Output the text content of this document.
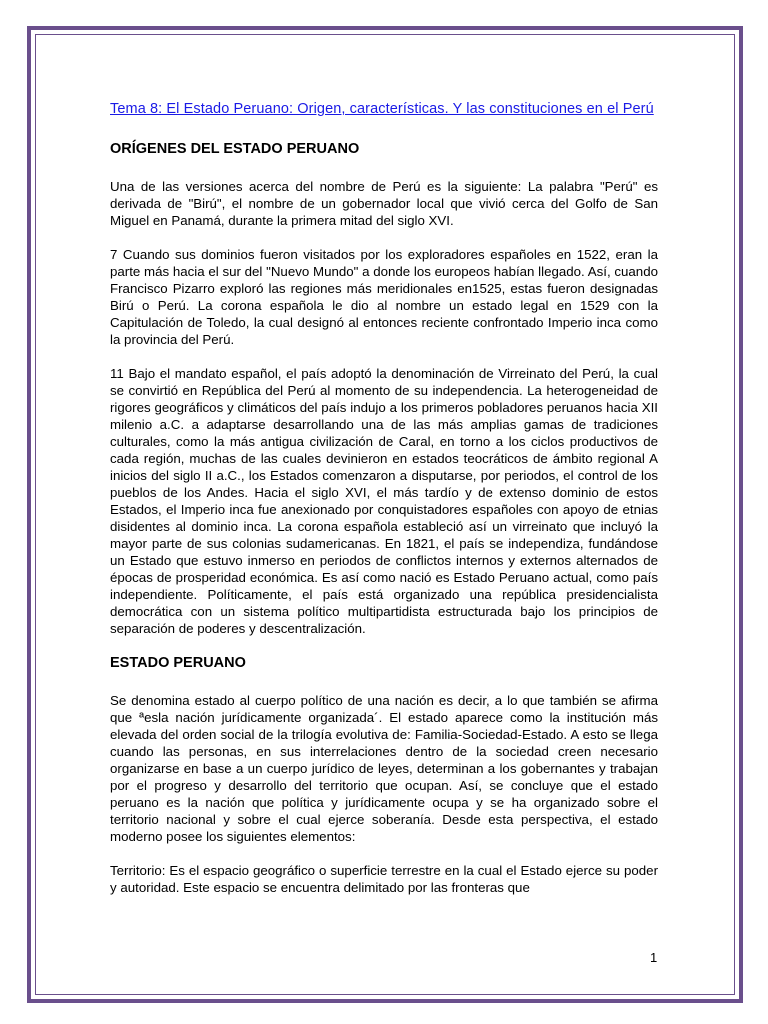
Tema 8: El Estado Peruano: Origen, características. Y las constituciones en el Perú
ORÍGENES DEL ESTADO PERUANO

Una de las versiones acerca del nombre de Perú es la siguiente: La palabra "Perú" es derivada de "Birú", el nombre de un gobernador local que vivió cerca del Golfo de San Miguel en Panamá, durante la primera mitad del siglo XVI.

7 Cuando sus dominios fueron visitados por los exploradores españoles en 1522, eran la parte más hacia el sur del "Nuevo Mundo" a donde los europeos habían llegado. Así, cuando Francisco Pizarro exploró las regiones más meridionales en1525, estas fueron designadas Birú o Perú. La corona española le dio al nombre un estado legal en 1529 con la Capitulación de Toledo, la cual designó al entonces reciente confrontado Imperio inca como la provincia del Perú.

11 Bajo el mandato español, el país adoptó la denominación de Virreinato del Perú, la cual se convirtió en República del Perú al momento de su independencia. La heterogeneidad de rigores geográficos y climáticos del país indujo a los primeros pobladores peruanos hacia XII milenio a.C. a adaptarse desarrollando una de las más amplias gamas de tradiciones culturales, como la más antigua civilización de Caral, en torno a los ciclos productivos de cada región, muchas de las cuales devinieron en estados teocráticos de ámbito regional A inicios del siglo II a.C., los Estados comenzaron a disputarse, por periodos, el control de los pueblos de los Andes. Hacia el siglo XVI, el más tardío y de extenso dominio de estos Estados, el Imperio inca fue anexionado por conquistadores españoles con apoyo de etnias disidentes al dominio inca. La corona española estableció así un virreinato que incluyó la mayor parte de sus colonias sudamericanas. En 1821, el país se independiza, fundándose un Estado que estuvo inmerso en periodos de conflictos internos y externos alternados de épocas de prosperidad económica. Es así como nació es Estado Peruano actual, como país independiente. Políticamente, el país está organizado una república presidencialista democrática con un sistema político multipartidista estructurada bajo los principios de separación de poderes y descentralización.

ESTADO PERUANO

Se denomina estado al cuerpo político de una nación es decir, a lo que también se afirma que ªesla nación jurídicamente organizada´. El estado aparece como la institución más elevada del orden social de la trilogía evolutiva de: Familia-Sociedad-Estado. A esto se llega cuando las personas, en sus interrelaciones dentro de la sociedad creen necesario organizarse en base a un cuerpo jurídico de leyes, determinan a los gobernantes y trabajan por el progreso y desarrollo del territorio que ocupan. Así, se concluye que el estado peruano es la nación que política y jurídicamente ocupa y se ha organizado sobre el territorio nacional y sobre el cual ejerce soberanía. Desde esta perspectiva, el estado moderno posee los siguientes elementos:

Territorio: Es el espacio geográfico o superficie terrestre en la cual el Estado ejerce su poder y autoridad. Este espacio se encuentra delimitado por las fronteras que

1
